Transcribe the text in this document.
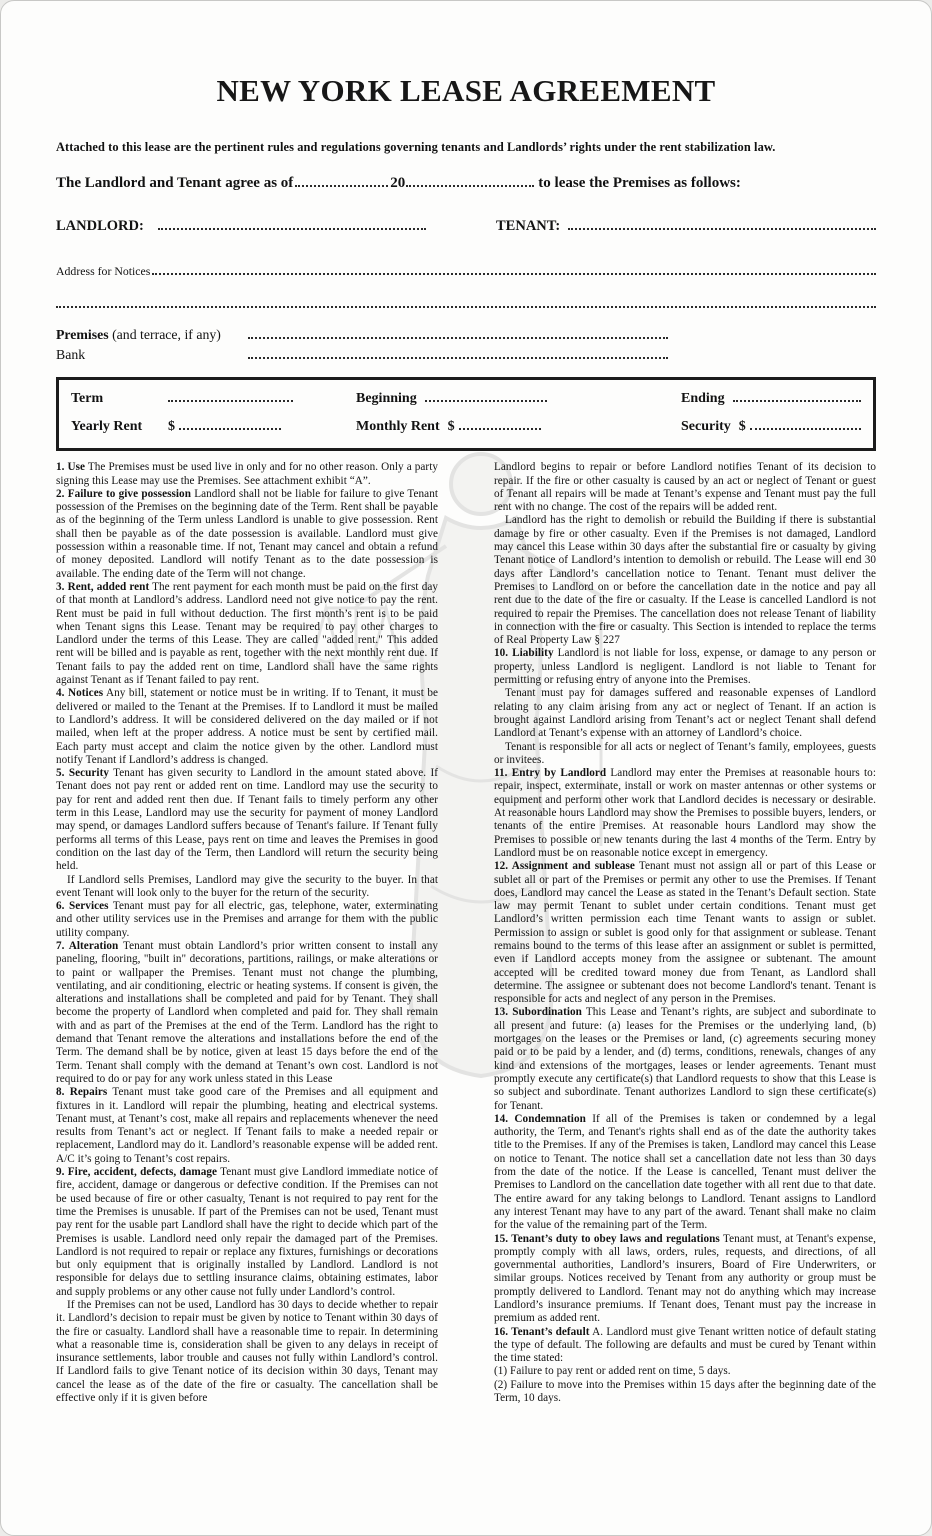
NEW YORK LEASE AGREEMENT

Attached to this lease are the pertinent rules and regulations governing tenants and Landlords’ rights under the rent stabilization law.

The Landlord and Tenant agree as of	20	to lease the Premises as follows:
LANDLORD:	TENANT:
Address for Notices
Premises (and terrace, if any)
Bank
Term	Beginning	Ending
Yearly Rent	$	Monthly Rent $	Security $

1. Use The Premises must be used live in only and for no other reason. Only a party signing this Lease may use the Premises. See attachment exhibit “A”.

2. Failure to give possession Landlord shall not be liable for failure to give Tenant possession of the Premises on the beginning date of the Term. Rent shall be payable as of the beginning of the Term unless Landlord is unable to give possession. Rent shall then be payable as of the date possession is available. Landlord must give possession within a reasonable time. If not, Tenant may cancel and obtain a refund of money deposited. Landlord will notify Tenant as to the date possession is available. The ending date of the Term will not change.

3. Rent, added rent The rent payment for each month must be paid on the first day of that month at Landlord’s address. Landlord need not give notice to pay the rent. Rent must be paid in full without deduction. The first month’s rent is to be paid when Tenant signs this Lease. Tenant may be required to pay other charges to Landlord under the terms of this Lease. They are called "added rent." This added rent will be billed and is payable as rent, together with the next monthly rent due. If Tenant fails to pay the added rent on time, Landlord shall have the same rights against Tenant as if Tenant failed to pay rent.

4. Notices Any bill, statement or notice must be in writing. If to Tenant, it must be delivered or mailed to the Tenant at the Premises. If to Landlord it must be mailed to Landlord’s address. It will be considered delivered on the day mailed or if not mailed, when left at the proper address. A notice must be sent by certified mail. Each party must accept and claim the notice given by the other. Landlord must notify Tenant if Landlord’s address is changed.

5. Security Tenant has given security to Landlord in the amount stated above. If Tenant does not pay rent or added rent on time. Landlord may use the security to pay for rent and added rent then due. If Tenant fails to timely perform any other term in this Lease, Landlord may use the security for payment of money Landlord may spend, or damages Landlord suffers because of Tenant's failure. If Tenant fully performs all terms of this Lease, pays rent on time and leaves the Premises in good condition on the last day of the Term, then Landlord will return the security being held.

If Landlord sells Premises, Landlord may give the security to the buyer. In that event Tenant will look only to the buyer for the return of the security.

6. Services Tenant must pay for all electric, gas, telephone, water, exterminating and other utility services use in the Premises and arrange for them with the public utility company.

7. Alteration Tenant must obtain Landlord’s prior written consent to install any paneling, flooring, "built in" decorations, partitions, railings, or make alterations or to paint or wallpaper the Premises. Tenant must not change the plumbing, ventilating, and air conditioning, electric or heating systems. If consent is given, the alterations and installations shall be completed and paid for by Tenant. They shall become the property of Landlord when completed and paid for. They shall remain with and as part of the Premises at the end of the Term. Landlord has the right to demand that Tenant remove the alterations and installations before the end of the Term. The demand shall be by notice, given at least 15 days before the end of the Term. Tenant shall comply with the demand at Tenant’s own cost. Landlord is not required to do or pay for any work unless stated in this Lease

8. Repairs Tenant must take good care of the Premises and all equipment and fixtures in it. Landlord will repair the plumbing, heating and electrical systems. Tenant must, at Tenant’s cost, make all repairs and replacements whenever the need results from Tenant’s act or neglect. If Tenant fails to make a needed repair or replacement, Landlord may do it. Landlord’s reasonable expense will be added rent. A/C it’s going to Tenant’s cost repairs.

9. Fire, accident, defects, damage Tenant must give Landlord immediate notice of fire, accident, damage or dangerous or defective condition. If the Premises can not be used because of fire or other casualty, Tenant is not required to pay rent for the time the Premises is unusable. If part of the Premises can not be used, Tenant must pay rent for the usable part Landlord shall have the right to decide which part of the Premises is usable. Landlord need only repair the damaged part of the Premises. Landlord is not required to repair or replace any fixtures, furnishings or decorations but only equipment that is originally installed by Landlord. Landlord is not responsible for delays due to settling insurance claims, obtaining estimates, labor and supply problems or any other cause not fully under Landlord’s control.

If the Premises can not be used, Landlord has 30 days to decide whether to repair it. Landlord’s decision to repair must be given by notice to Tenant within 30 days of the fire or casualty. Landlord shall have a reasonable time to repair. In determining what a reasonable time is, consideration shall be given to any delays in receipt of insurance settlements, labor trouble and causes not fully within Landlord’s control. If Landlord fails to give Tenant notice of its decision within 30 days, Tenant may cancel the lease as of the date of the fire or casualty. The cancellation shall be effective only if it is given before

Landlord begins to repair or before Landlord notifies Tenant of its decision to repair. If the fire or other casualty is caused by an act or neglect of Tenant or guest of Tenant all repairs will be made at Tenant’s expense and Tenant must pay the full rent with no change. The cost of the repairs will be added rent.

Landlord has the right to demolish or rebuild the Building if there is substantial damage by fire or other casualty. Even if the Premises is not damaged, Landlord may cancel this Lease within 30 days after the substantial fire or casualty by giving Tenant notice of Landlord’s intention to demolish or rebuild. The Lease will end 30 days after Landlord’s cancellation notice to Tenant. Tenant must deliver the Premises to Landlord on or before the cancellation date in the notice and pay all rent due to the date of the fire or casualty. If the Lease is cancelled Landlord is not required to repair the Premises. The cancellation does not release Tenant of liability in connection with the fire or casualty. This Section is intended to replace the terms of Real Property Law § 227

10. Liability Landlord is not liable for loss, expense, or damage to any person or property, unless Landlord is negligent. Landlord is not liable to Tenant for permitting or refusing entry of anyone into the Premises.

Tenant must pay for damages suffered and reasonable expenses of Landlord relating to any claim arising from any act or neglect of Tenant. If an action is brought against Landlord arising from Tenant’s act or neglect Tenant shall defend Landlord at Tenant’s expense with an attorney of Landlord’s choice.

Tenant is responsible for all acts or neglect of Tenant’s family, employees, guests or invitees.

11. Entry by Landlord Landlord may enter the Premises at reasonable hours to: repair, inspect, exterminate, install or work on master antennas or other systems or equipment and perform other work that Landlord decides is necessary or desirable. At reasonable hours Landlord may show the Premises to possible buyers, lenders, or tenants of the entire Premises. At reasonable hours Landlord may show the Premises to possible or new tenants during the last 4 months of the Term. Entry by Landlord must be on reasonable notice except in emergency.

12. Assignment and sublease Tenant must not assign all or part of this Lease or sublet all or part of the Premises or permit any other to use the Premises. If Tenant does, Landlord may cancel the Lease as stated in the Tenant’s Default section. State law may permit Tenant to sublet under certain conditions. Tenant must get Landlord’s written permission each time Tenant wants to assign or sublet. Permission to assign or sublet is good only for that assignment or sublease. Tenant remains bound to the terms of this lease after an assignment or sublet is permitted, even if Landlord accepts money from the assignee or subtenant. The amount accepted will be credited toward money due from Tenant, as Landlord shall determine. The assignee or subtenant does not become Landlord's tenant. Tenant is responsible for acts and neglect of any person in the Premises.

13. Subordination This Lease and Tenant’s rights, are subject and subordinate to all present and future: (a) leases for the Premises or the underlying land, (b) mortgages on the leases or the Premises or land, (c) agreements securing money paid or to be paid by a lender, and (d) terms, conditions, renewals, changes of any kind and extensions of the mortgages, leases or lender agreements. Tenant must promptly execute any certificate(s) that Landlord requests to show that this Lease is so subject and subordinate. Tenant authorizes Landlord to sign these certificate(s) for Tenant.

14. Condemnation If all of the Premises is taken or condemned by a legal authority, the Term, and Tenant's rights shall end as of the date the authority takes title to the Premises. If any of the Premises is taken, Landlord may cancel this Lease on notice to Tenant. The notice shall set a cancellation date not less than 30 days from the date of the notice. If the Lease is cancelled, Tenant must deliver the Premises to Landlord on the cancellation date together with all rent due to that date. The entire award for any taking belongs to Landlord. Tenant assigns to Landlord any interest Tenant may have to any part of the award. Tenant shall make no claim for the value of the remaining part of the Term.

15. Tenant’s duty to obey laws and regulations Tenant must, at Tenant's expense, promptly comply with all laws, orders, rules, requests, and directions, of all governmental authorities, Landlord’s insurers, Board of Fire Underwriters, or similar groups. Notices received by Tenant from any authority or group must be promptly delivered to Landlord. Tenant may not do anything which may increase Landlord’s insurance premiums. If Tenant does, Tenant must pay the increase in premium as added rent.

16. Tenant’s default A. Landlord must give Tenant written notice of default stating the type of default. The following are defaults and must be cured by Tenant within the time stated:

(1) Failure to pay rent or added rent on time, 5 days.

(2) Failure to move into the Premises within 15 days after the beginning date of the Term, 10 days.
